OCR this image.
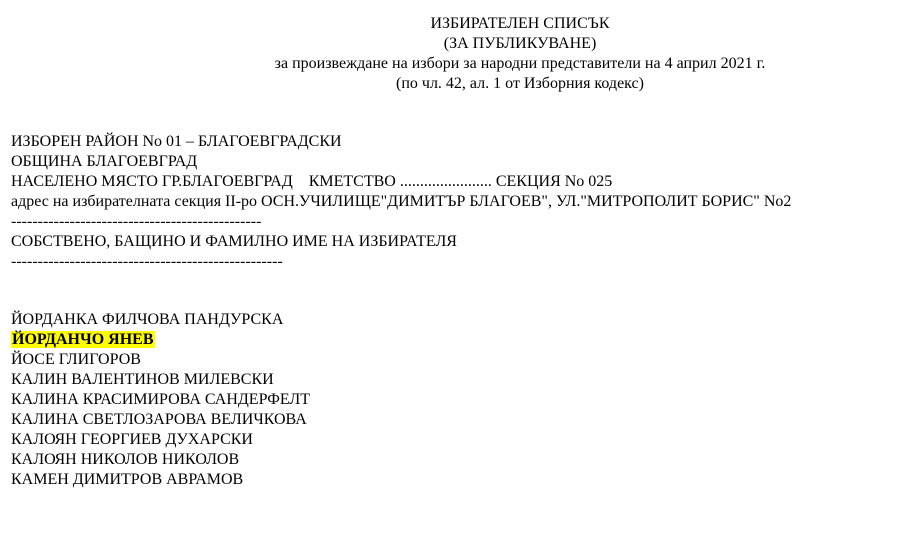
ИЗБИРАТЕЛЕН СПИСЪК
(ЗА ПУБЛИКУВАНЕ)
за произвеждане на избори за народни представители на 4 април 2021 г.
(по чл. 42, ал. 1 от Изборния кодекс)
ИЗБОРЕН РАЙОН No 01 – БЛАГОЕВГРАДСКИ
ОБЩИНА БЛАГОЕВГРАД
НАСЕЛЕНО МЯСТО ГР.БЛАГОЕВГРАД    КМЕТСТВО ....................... СЕКЦИЯ No 025
адрес на избирателната секция II-ро ОСН.УЧИЛИЩЕ"ДИМИТЪР БЛАГОЕВ", УЛ."МИТРОПОЛИТ БОРИС" No2
-----------------------------------------------
СОБСТВЕНО, БАЩИНО И ФАМИЛНО ИМЕ НА ИЗБИРАТЕЛЯ
---------------------------------------------------
ЙОРДАНКА ФИЛЧОВА ПАНДУРСКА
ЙОРДАНЧО ЯНЕВ
ЙОСЕ ГЛИГОРОВ
КАЛИН ВАЛЕНТИНОВ МИЛЕВСКИ
КАЛИНА КРАСИМИРОВА САНДЕРФЕЛТ
КАЛИНА СВЕТЛОЗАРОВА ВЕЛИЧКОВА
КАЛОЯН ГЕОРГИЕВ ДУХАРСКИ
КАЛОЯН НИКОЛОВ НИКОЛОВ
КАМЕН ДИМИТРОВ АВРАМОВ
